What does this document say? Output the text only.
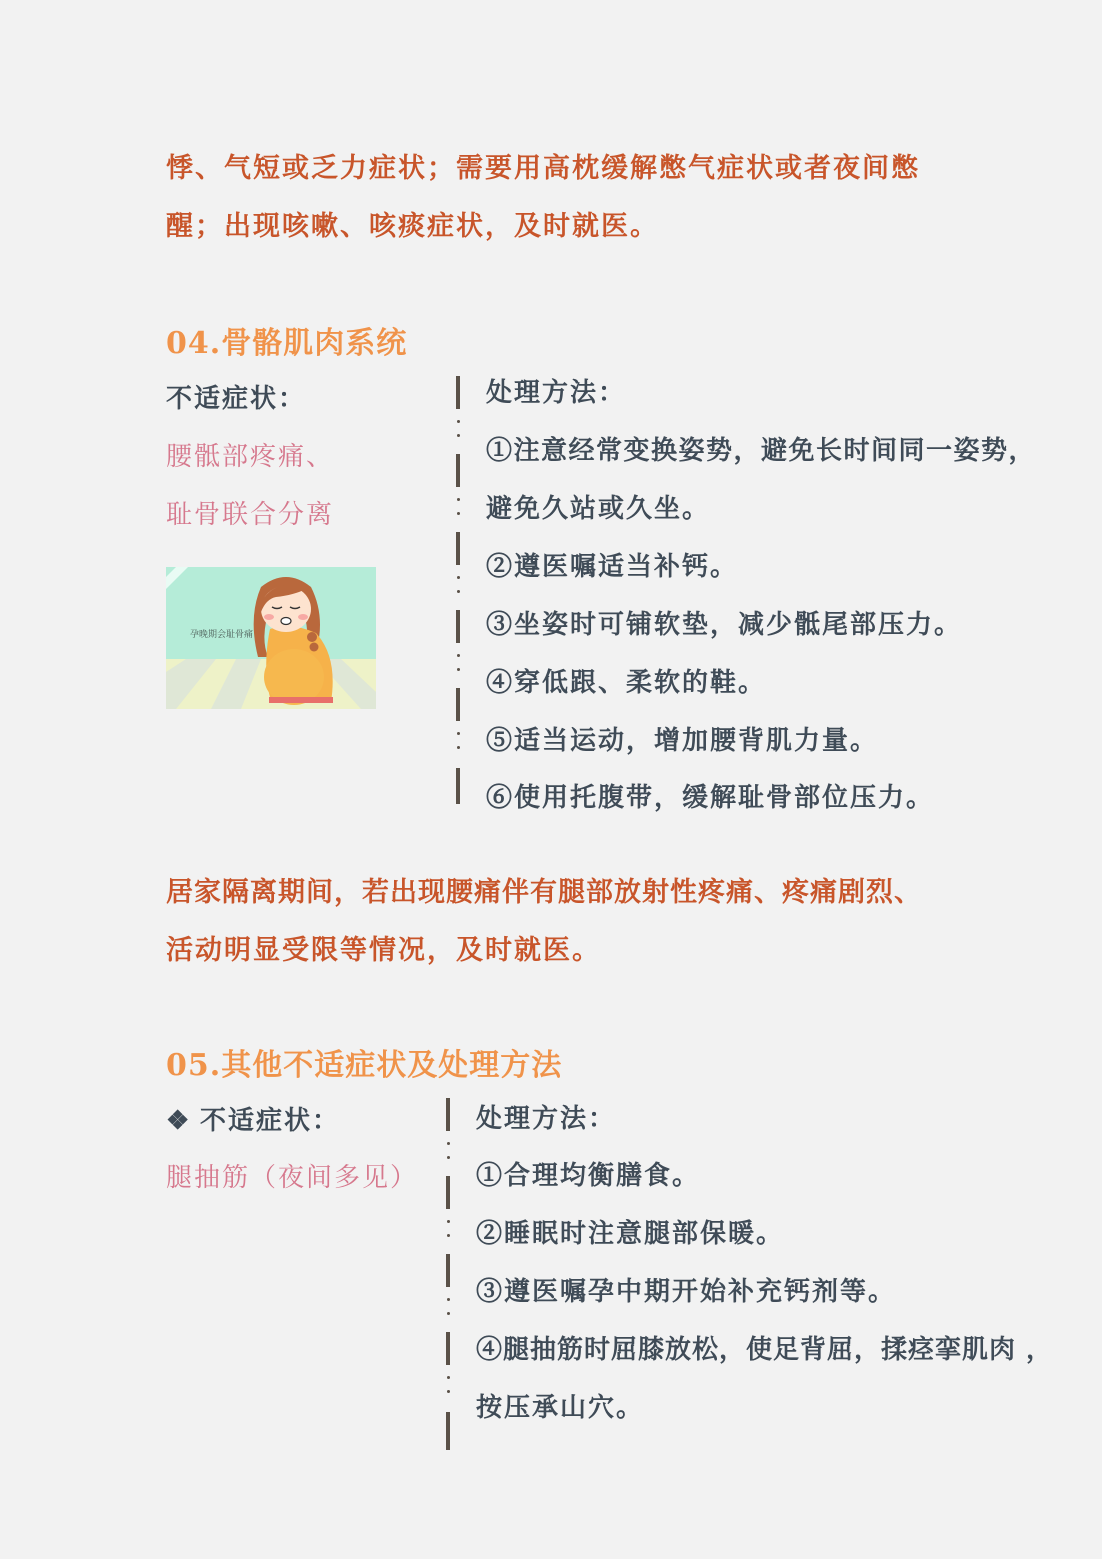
悸、气短或乏力症状；需要用高枕缓解憋气症状或者夜间憋
醒；出现咳嗽、咳痰症状，及时就医。
04.骨骼肌肉系统
不适症状：
腰骶部疼痛、
耻骨联合分离
孕晚期会耻骨痛
处理方法：
①注意经常变换姿势，避免长时间同一姿势，
避免久站或久坐。
②遵医嘱适当补钙。
③坐姿时可铺软垫，减少骶尾部压力。
④穿低跟、柔软的鞋。
⑤适当运动，增加腰背肌力量。
⑥使用托腹带，缓解耻骨部位压力。
居家隔离期间，若出现腰痛伴有腿部放射性疼痛、疼痛剧烈、
活动明显受限等情况，及时就医。
05.其他不适症状及处理方法
❖ 不适症状：
腿抽筋（夜间多见）
处理方法：
①合理均衡膳食。
②睡眠时注意腿部保暖。
③遵医嘱孕中期开始补充钙剂等。
④腿抽筋时屈膝放松，使足背屈，揉痉挛肌肉 ，
按压承山穴。
